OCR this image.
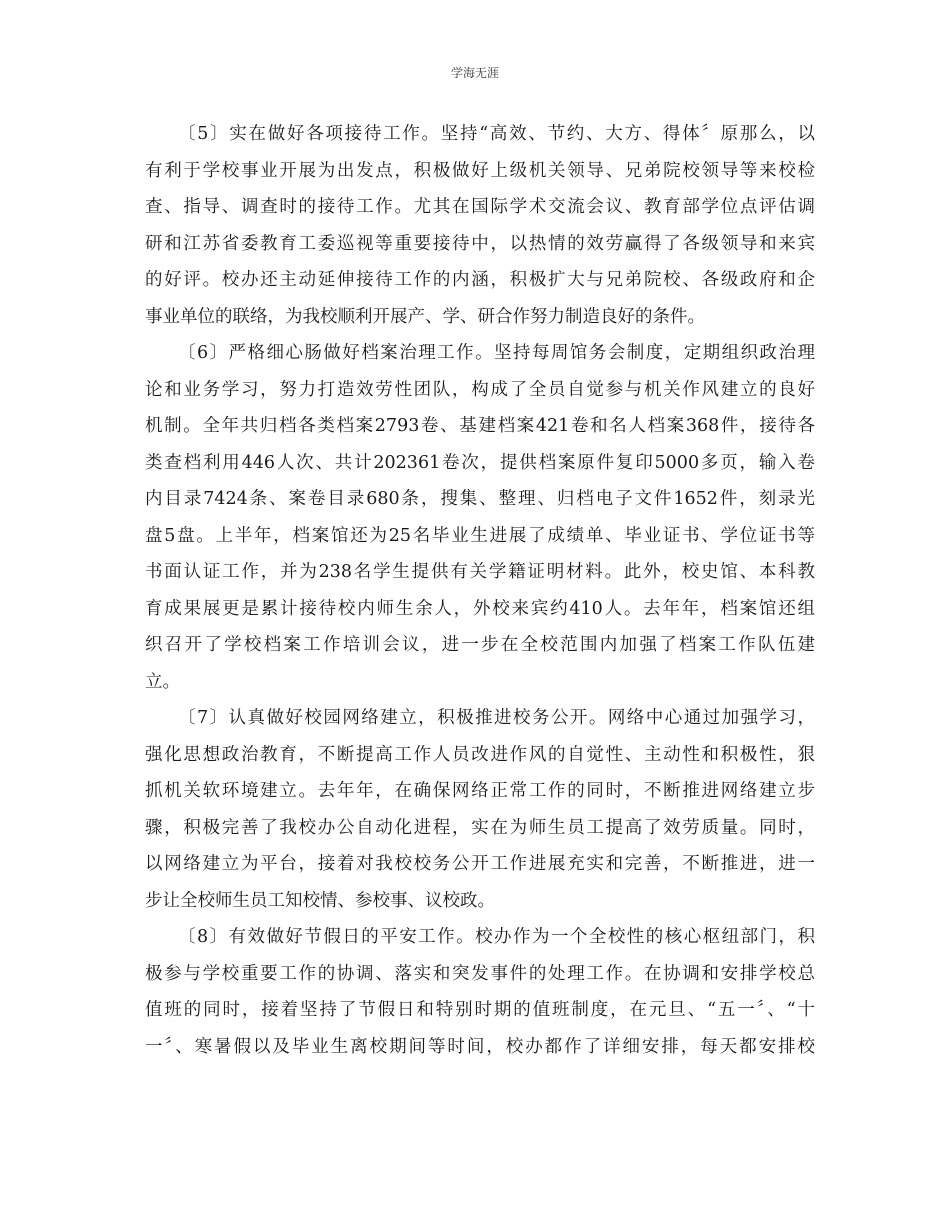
学海无涯
〔5〕实在做好各项接待工作。坚持“高效、节约、大方、得体〞原那么，以
有利于学校事业开展为出发点，积极做好上级机关领导、兄弟院校领导等来校检
查、指导、调查时的接待工作。尤其在国际学术交流会议、教育部学位点评估调
研和江苏省委教育工委巡视等重要接待中，以热情的效劳赢得了各级领导和来宾
的好评。校办还主动延伸接待工作的内涵，积极扩大与兄弟院校、各级政府和企
事业单位的联络，为我校顺利开展产、学、研合作努力制造良好的条件。
〔6〕严格细心肠做好档案治理工作。坚持每周馆务会制度，定期组织政治理
论和业务学习，努力打造效劳性团队，构成了全员自觉参与机关作风建立的良好
机制。全年共归档各类档案2793卷、基建档案421卷和名人档案368件，接待各
类查档利用446人次、共计202361卷次，提供档案原件复印5000多页，输入卷
内目录7424条、案卷目录680条，搜集、整理、归档电子文件1652件，刻录光
盘5盘。上半年，档案馆还为25名毕业生进展了成绩单、毕业证书、学位证书等
书面认证工作，并为238名学生提供有关学籍证明材料。此外，校史馆、本科教
育成果展更是累计接待校内师生余人，外校来宾约410人。去年年，档案馆还组
织召开了学校档案工作培训会议，进一步在全校范围内加强了档案工作队伍建
立。
〔7〕认真做好校园网络建立，积极推进校务公开。网络中心通过加强学习，
强化思想政治教育，不断提高工作人员改进作风的自觉性、主动性和积极性，狠
抓机关软环境建立。去年年，在确保网络正常工作的同时，不断推进网络建立步
骤，积极完善了我校办公自动化进程，实在为师生员工提高了效劳质量。同时，
以网络建立为平台，接着对我校校务公开工作进展充实和完善，不断推进，进一
步让全校师生员工知校情、参校事、议校政。
〔8〕有效做好节假日的平安工作。校办作为一个全校性的核心枢纽部门，积
极参与学校重要工作的协调、落实和突发事件的处理工作。在协调和安排学校总
值班的同时，接着坚持了节假日和特别时期的值班制度，在元旦、“五一〞、“十
一〞、寒暑假以及毕业生离校期间等时间，校办都作了详细安排，每天都安排校
